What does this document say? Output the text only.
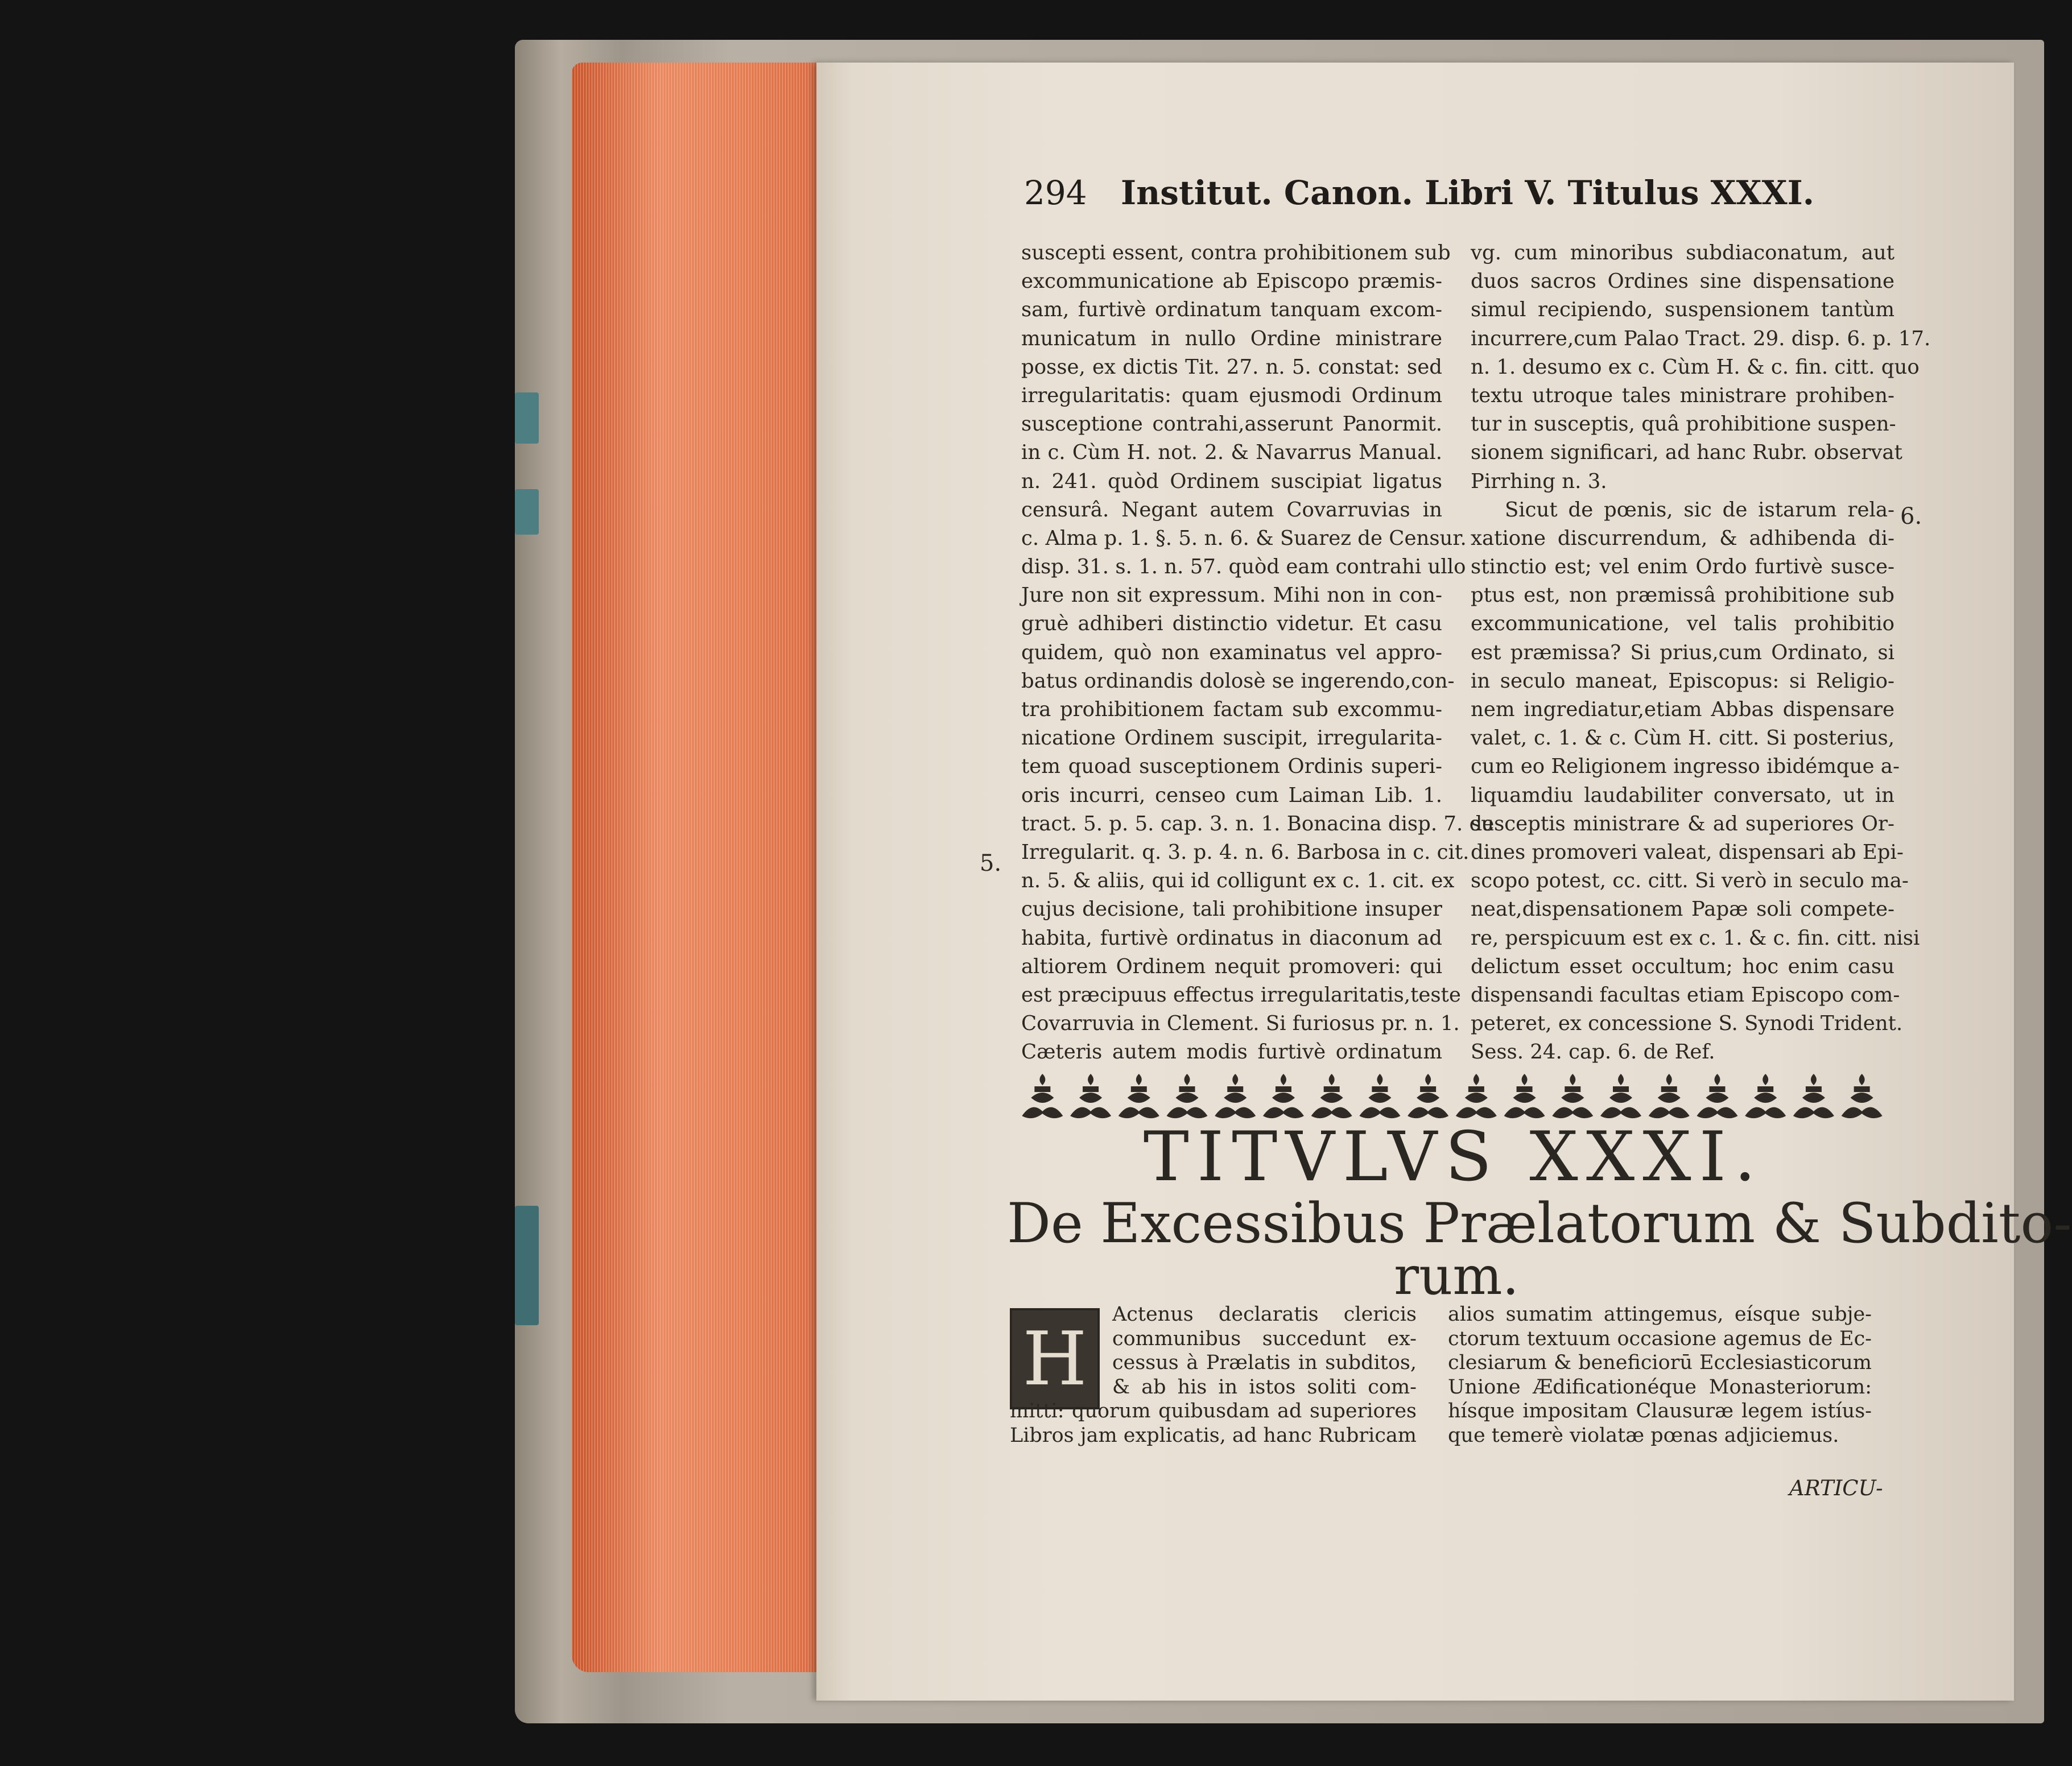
294 Institut. Canon. Libri V. Titulus XXXI.
suscepti essent, contra prohibitionem sub
excommunicatione ab Episcopo præmis-
sam, furtivè ordinatum tanquam excom-
municatum in nullo Ordine ministrare
posse, ex dictis Tit. 27. n. 5. constat: sed
irregularitatis: quam ejusmodi Ordinum
susceptione contrahi,asserunt Panormit.
in c. Cùm H. not. 2. & Navarrus Manual.
n. 241. quòd Ordinem suscipiat ligatus
censurâ. Negant autem Covarruvias in
c. Alma p. 1. §. 5. n. 6. & Suarez de Censur.
disp. 31. s. 1. n. 57. quòd eam contrahi ullo
Jure non sit expressum. Mihi non in con-
gruè adhiberi distinctio videtur. Et casu
quidem, quò non examinatus vel appro-
batus ordinandis dolosè se ingerendo,con-
tra prohibitionem factam sub excommu-
nicatione Ordinem suscipit, irregularita-
tem quoad susceptionem Ordinis superi-
oris incurri, censeo cum Laiman Lib. 1.
tract. 5. p. 5. cap. 3. n. 1. Bonacina disp. 7. de
Irregularit. q. 3. p. 4. n. 6. Barbosa in c. cit.
n. 5. & aliis, qui id colligunt ex c. 1. cit. ex
cujus decisione, tali prohibitione insuper
habita, furtivè ordinatus in diaconum ad
altiorem Ordinem nequit promoveri: qui
est præcipuus effectus irregularitatis,teste
Covarruvia in Clement. Si furiosus pr. n. 1.
Cæteris autem modis furtivè ordinatum
vg. cum minoribus subdiaconatum, aut
duos sacros Ordines sine dispensatione
simul recipiendo, suspensionem tantùm
incurrere,cum Palao Tract. 29. disp. 6. p. 17.
n. 1. desumo ex c. Cùm H. & c. fin. citt. quo
textu utroque tales ministrare prohiben-
tur in susceptis, quâ prohibitione suspen-
sionem significari, ad hanc Rubr. observat
Pirrhing n. 3.
Sicut de pœnis, sic de istarum rela-
xatione discurrendum, & adhibenda di-
stinctio est; vel enim Ordo furtivè susce-
ptus est, non præmissâ prohibitione sub
excommunicatione, vel talis prohibitio
est præmissa? Si prius,cum Ordinato, si
in seculo maneat, Episcopus: si Religio-
nem ingrediatur,etiam Abbas dispensare
valet, c. 1. & c. Cùm H. citt. Si posterius,
cum eo Religionem ingresso ibidémque a-
liquamdiu laudabiliter conversato, ut in
susceptis ministrare & ad superiores Or-
dines promoveri valeat, dispensari ab Epi-
scopo potest, cc. citt. Si verò in seculo ma-
neat,dispensationem Papæ soli compete-
re, perspicuum est ex c. 1. & c. fin. citt. nisi
delictum esset occultum; hoc enim casu
dispensandi facultas etiam Episcopo com-
peteret, ex concessione S. Synodi Trident.
Sess. 24. cap. 6. de Ref.
5.
6.
TITVLVS XXXI.
De Excessibus Prælatorum & Subdito-
rum.
H
Actenus declaratis clericis
communibus succedunt ex-
cessus à Prælatis in subditos,
& ab his in istos soliti com-
mitti: quorum quibusdam ad superiores
Libros jam explicatis, ad hanc Rubricam
alios sumatim attingemus, eísque subje-
ctorum textuum occasione agemus de Ec-
clesiarum & beneficiorū Ecclesiasticorum
Unione Ædificationéque Monasteriorum:
hísque impositam Clausuræ legem istíus-
que temerè violatæ pœnas adjiciemus.
ARTICU-
